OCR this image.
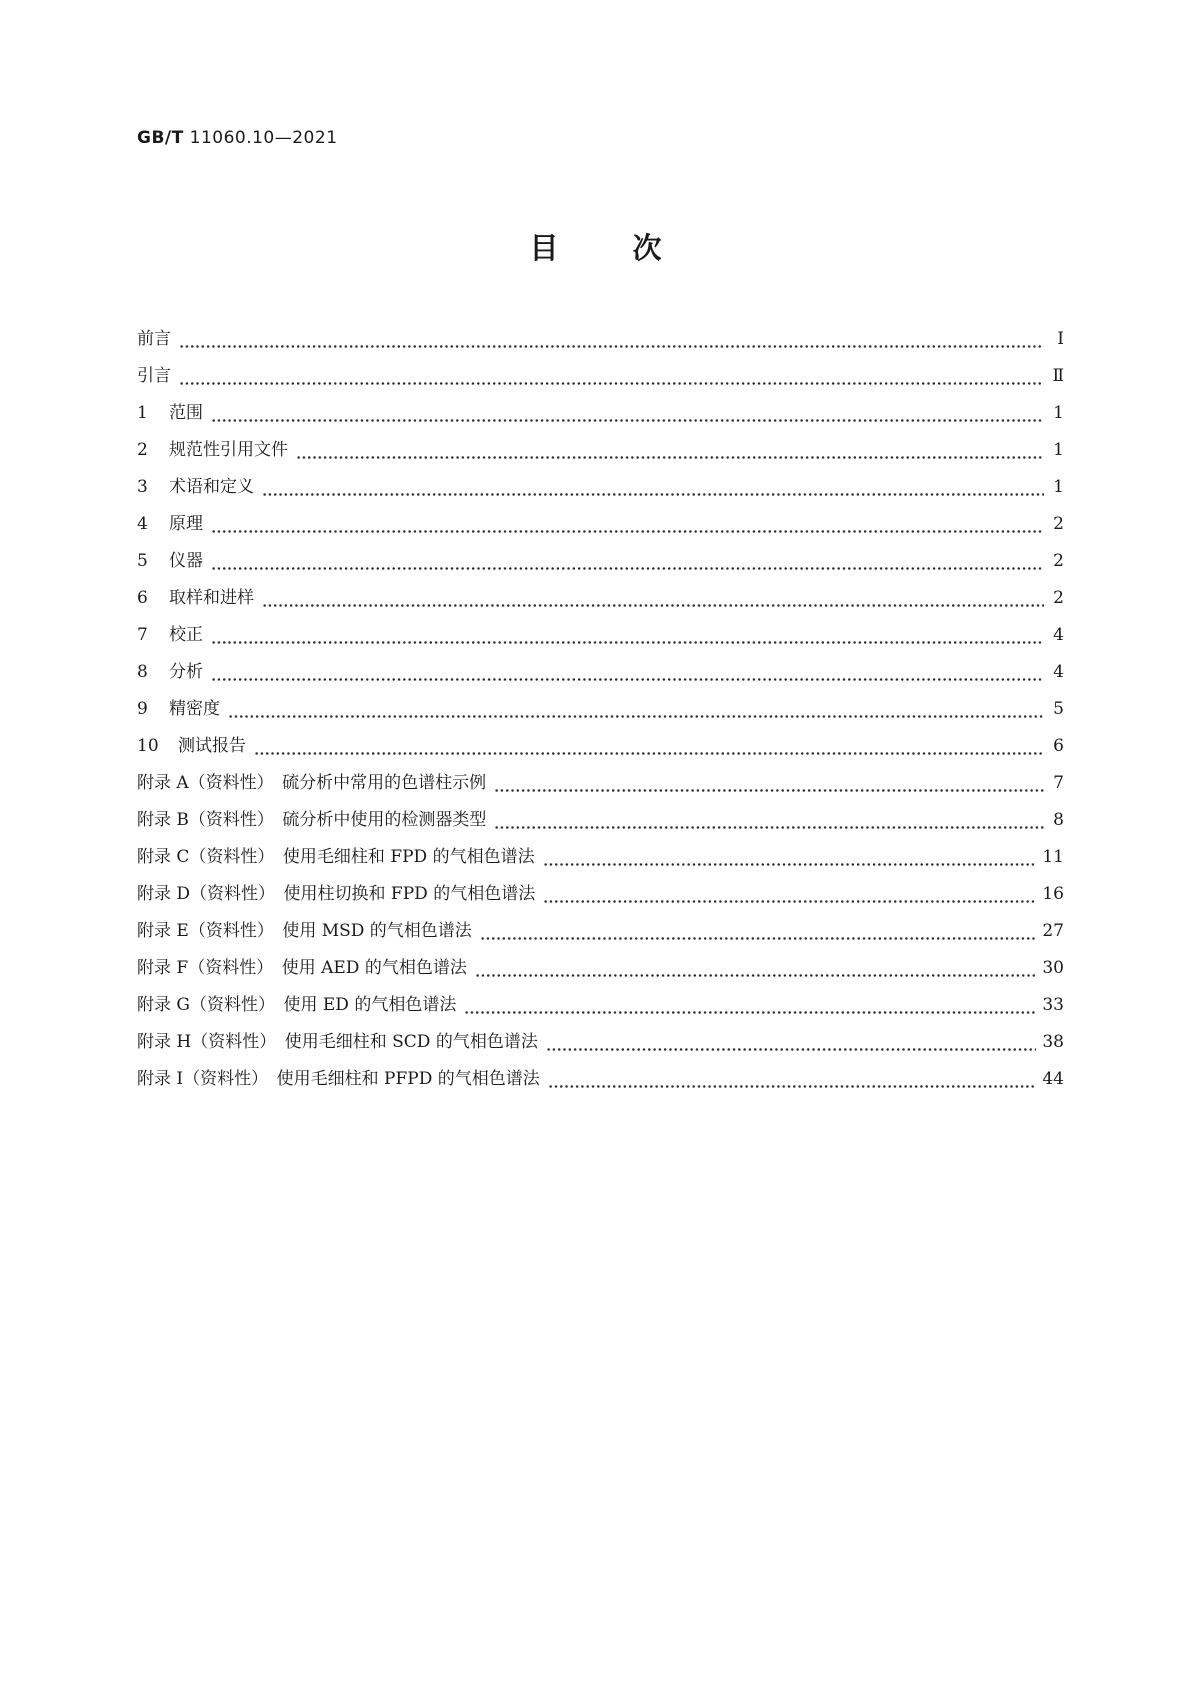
GB/T 11060.10—2021
目次
前言	Ⅰ
引言	Ⅱ
1 范围	1
2 规范性引用文件	1
3 术语和定义	1
4 原理	2
5 仪器	2
6 取样和进样	2
7 校正	4
8 分析	4
9 精密度	5
10 测试报告	6
附录 A（资料性）　硫分析中常用的色谱柱示例	7
附录 B（资料性）　硫分析中使用的检测器类型	8
附录 C（资料性）　使用毛细柱和 FPD 的气相色谱法	11
附录 D（资料性）　使用柱切换和 FPD 的气相色谱法	16
附录 E（资料性）　使用 MSD 的气相色谱法	27
附录 F（资料性）　使用 AED 的气相色谱法	30
附录 G（资料性）　使用 ED 的气相色谱法	33
附录 H（资料性）　使用毛细柱和 SCD 的气相色谱法	38
附录 I（资料性）　使用毛细柱和 PFPD 的气相色谱法	44
